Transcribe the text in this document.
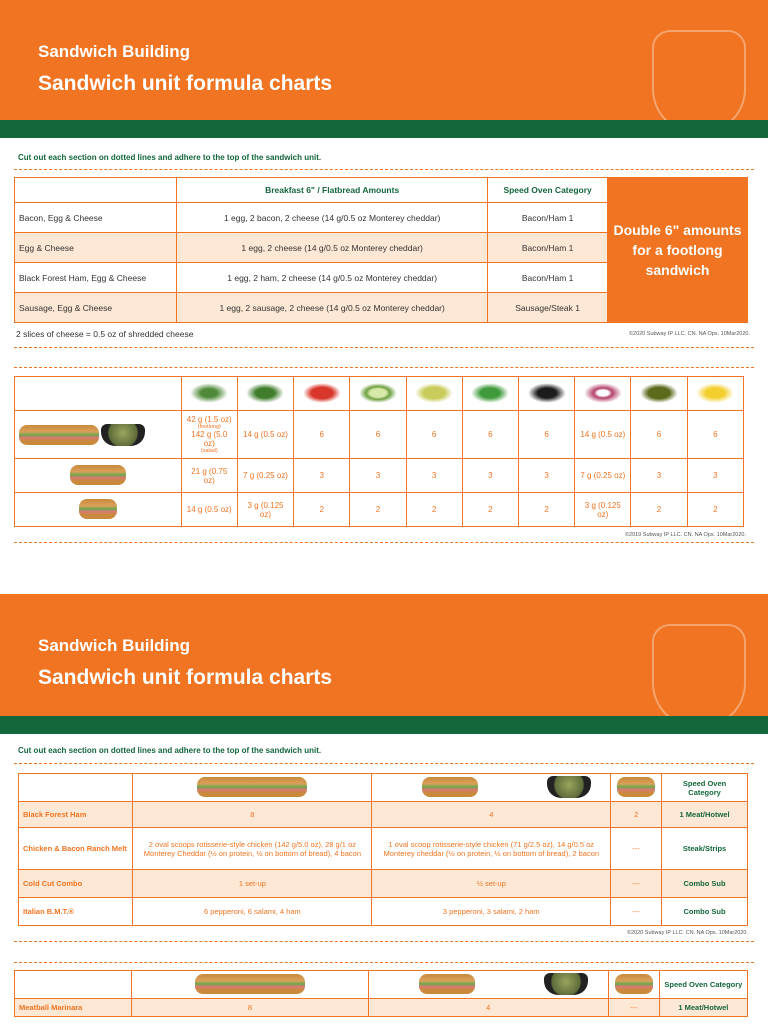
Sandwich Building
Sandwich unit formula charts
Cut out each section on dotted lines and adhere to the top of the sandwich unit.
	Breakfast 6" / Flatbread Amounts	Speed Oven Category	Double 6" amounts for a footlong sandwich
Bacon, Egg & Cheese	1 egg, 2 bacon, 2 cheese (14 g/0.5 oz Monterey cheddar)	Bacon/Ham 1	
Egg & Cheese	1 egg, 2 cheese (14 g/0.5 oz Monterey cheddar)	Bacon/Ham 1	
Black Forest Ham, Egg & Cheese	1 egg, 2 ham, 2 cheese (14 g/0.5 oz Monterey cheddar)	Bacon/Ham 1	
Sausage, Egg & Cheese	1 egg, 2 sausage, 2 cheese (14 g/0.5 oz Monterey cheddar)	Sausage/Steak 1	
2 slices of cheese = 0.5 oz of shredded cheese	©2020 Subway IP LLC. CN. NA Ops. 10Mar2020.

	42 g (1.5 oz)
(footlong)
142 g (5.0 oz)
(salad)	14 g (0.5 oz)	6	6	6	6	6	14 g (0.5 oz)	6	6
	21 g (0.75 oz)	7 g (0.25 oz)	3	3	3	3	3	7 g (0.25 oz)	3	3
	14 g (0.5 oz)	3 g (0.125 oz)	2	2	2	2	2	3 g (0.125 oz)	2	2
©2019 Subway IP LLC. CN. NA Ops. 10Mar2020.
Sandwich Building
Sandwich unit formula charts
Cut out each section on dotted lines and adhere to the top of the sandwich unit.
					Speed Oven Category
Black Forest Ham	8	4		2	1 Meat/Hotwel
Chicken & Bacon Ranch Melt	2 oval scoops rotisserie-style chicken (142 g/5.0 oz), 28 g/1 oz Monterey Cheddar (½ on protein, ½ on bottom of bread), 4 bacon	1 oval scoop rotisserie-style chicken (71 g/2.5 oz), 14 g/0.5 oz Monterey cheddar (½ on protein, ½ on bottom of bread), 2 bacon		---	Steak/Strips
Cold Cut Combo	1 set-up	½ set-up		---	Combo Sub
Italian B.M.T.®	6 pepperoni, 6 salami, 4 ham	3 pepperoni, 3 salami, 2 ham		---	Combo Sub
©2020 Subway IP LLC. CN. NA Ops. 10Mar2020.
					Speed Oven Category
Meatball Marinara	8	4		---	1 Meat/Hotwel
